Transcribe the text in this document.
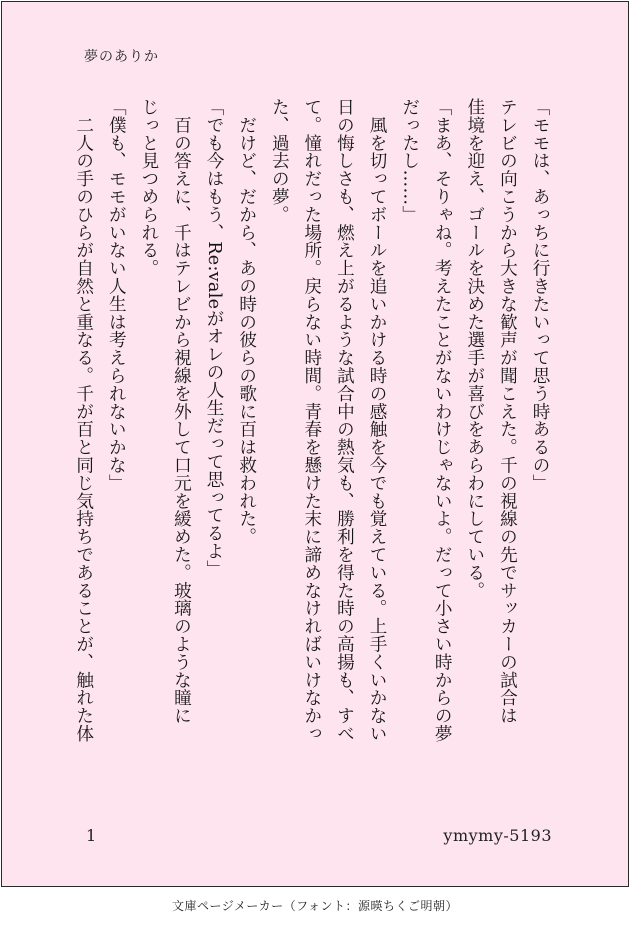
夢のありか
「モモは、あっちに行きたいって思う時あるの」
テレビの向こうから大きな歓声が聞こえた。千の視線の先でサッカーの試合は
佳境を迎え、ゴールを決めた選手が喜びをあらわにしている。
「まあ、そりゃね。考えたことがないわけじゃないよ。だって小さい時からの夢
だったし……」
　風を切ってボールを追いかける時の感触を今でも覚えている。上手くいかない
日の悔しさも、燃え上がるような試合中の熱気も、勝利を得た時の高揚も、すべ
て。憧れだった場所。戻らない時間。青春を懸けた末に諦めなければいけなかっ
た、過去の夢。
　だけど、だから、あの時の彼らの歌に百は救われた。
「でも今はもう、Re:valeがオレの人生だって思ってるよ」
　百の答えに、千はテレビから視線を外して口元を緩めた。玻璃のような瞳に
じっと見つめられる。
「僕も、モモがいない人生は考えられないかな」
　二人の手のひらが自然と重なる。千が百と同じ気持ちであることが、触れた体
1	ymymy-5193
文庫ページメーカー（フォント：源暎ちくご明朝）
